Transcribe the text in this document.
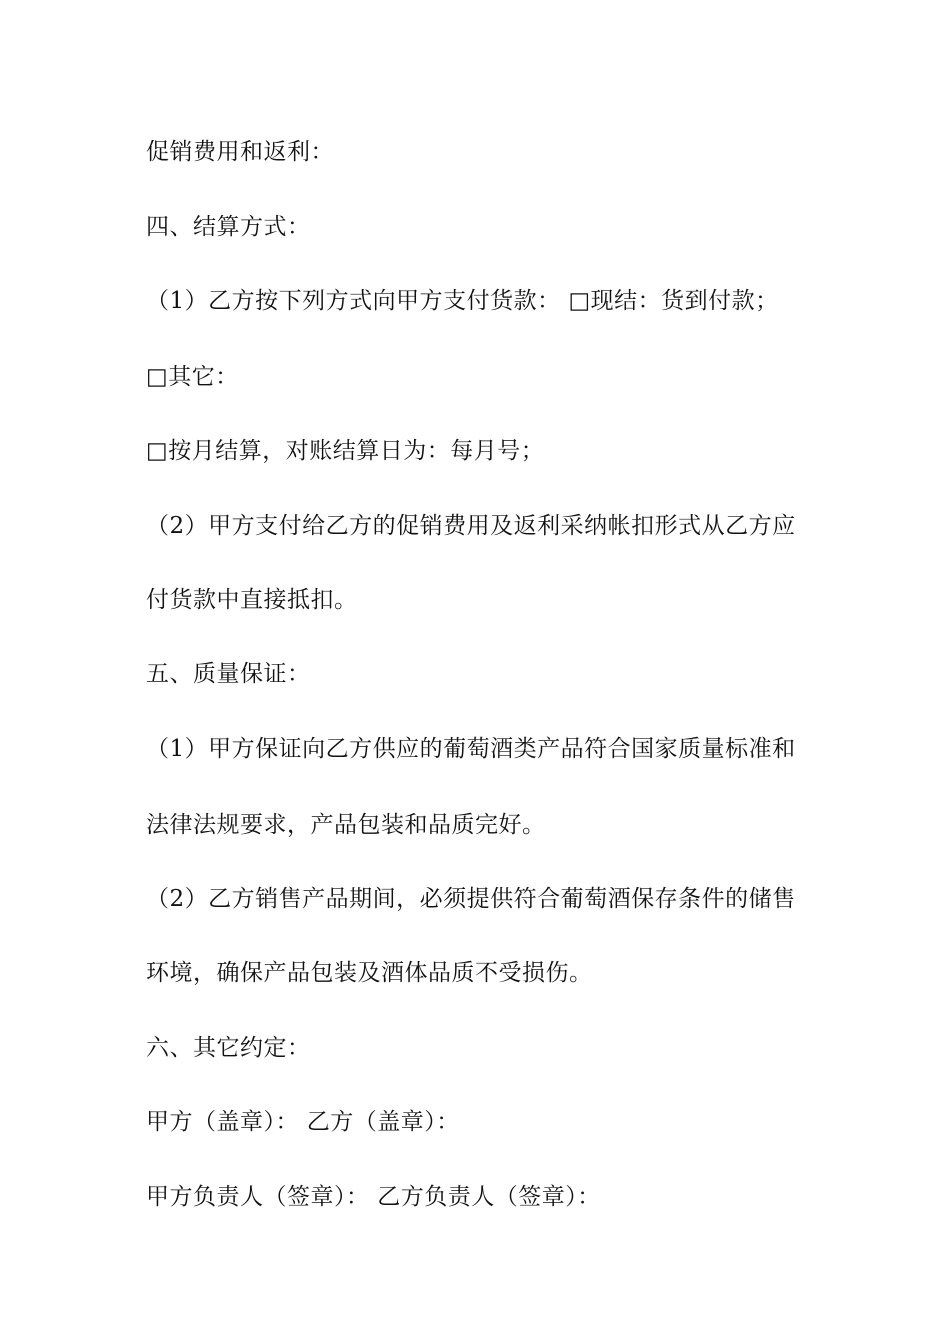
促销费用和返利：
四、结算方式：
（1）乙方按下列方式向甲方支付货款： □现结：货到付款；
□其它：
□按月结算，对账结算日为：每月号；
（2）甲方支付给乙方的促销费用及返利采纳帐扣形式从乙方应
付货款中直接抵扣。
五、质量保证：
（1）甲方保证向乙方供应的葡萄酒类产品符合国家质量标准和
法律法规要求，产品包装和品质完好。
（2）乙方销售产品期间，必须提供符合葡萄酒保存条件的储售
环境，确保产品包装及酒体品质不受损伤。
六、其它约定：
甲方（盖章）： 乙方（盖章）：
甲方负责人（签章）： 乙方负责人（签章）：
